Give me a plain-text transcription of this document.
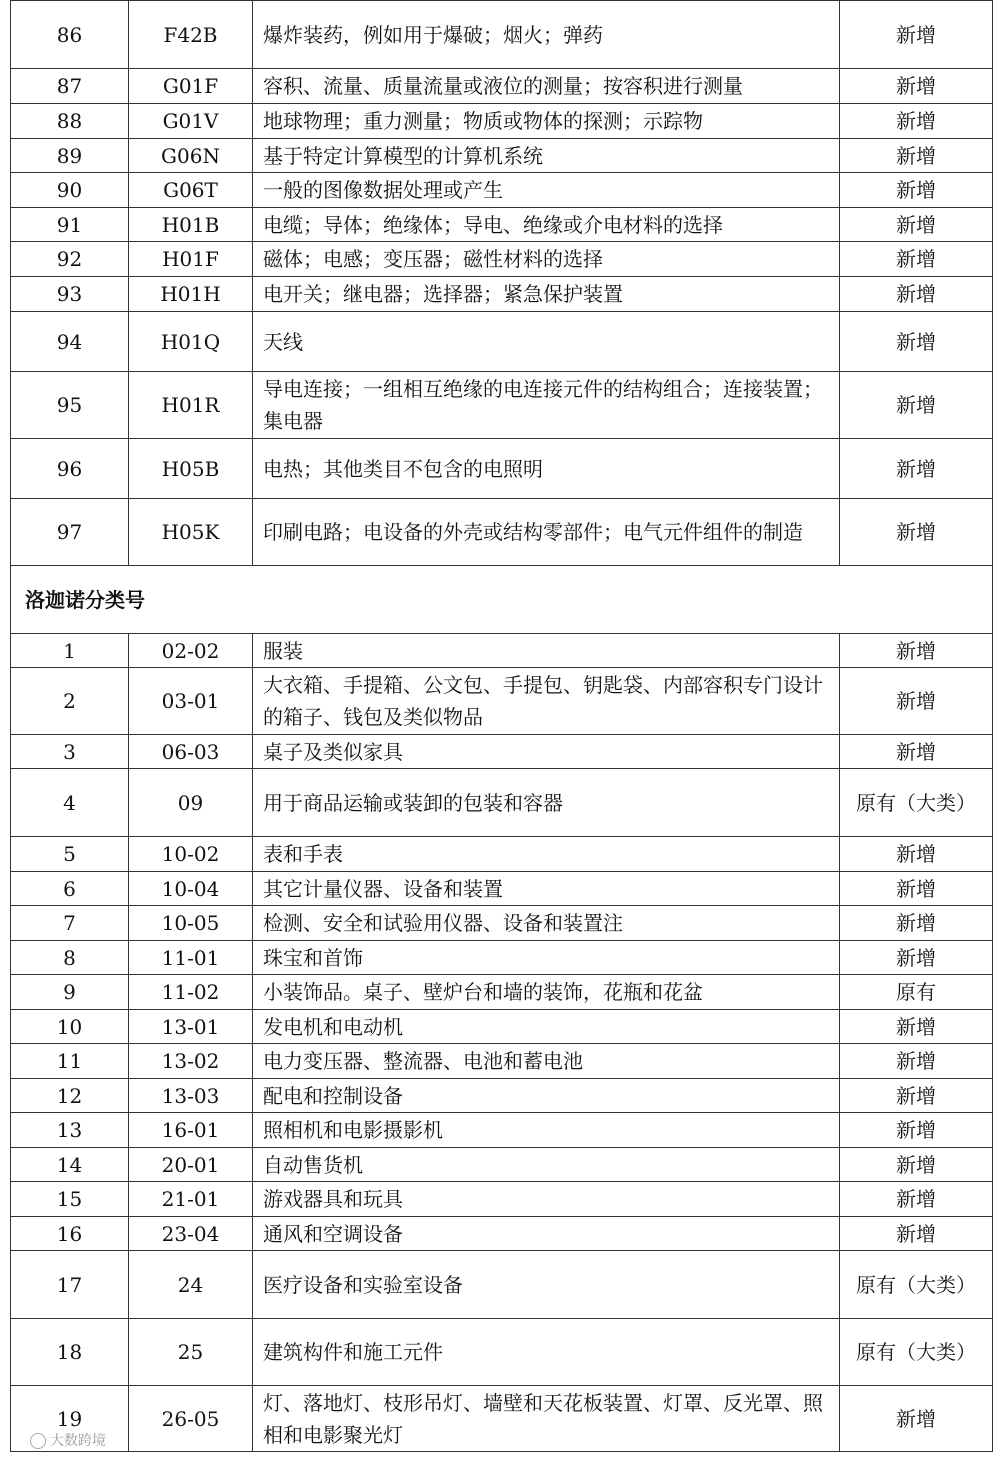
86	F42B	爆炸装药，例如用于爆破；烟火；弹药	新增
87	G01F	容积、流量、质量流量或液位的测量；按容积进行测量	新增
88	G01V	地球物理；重力测量；物质或物体的探测；示踪物	新增
89	G06N	基于特定计算模型的计算机系统	新增
90	G06T	一般的图像数据处理或产生	新增
91	H01B	电缆；导体；绝缘体；导电、绝缘或介电材料的选择	新增
92	H01F	磁体；电感；变压器；磁性材料的选择	新增
93	H01H	电开关；继电器；选择器；紧急保护装置	新增
94	H01Q	天线	新增
95	H01R	导电连接；一组相互绝缘的电连接元件的结构组合；连接装置；集电器	新增
96	H05B	电热；其他类目不包含的电照明	新增
97	H05K	印刷电路；电设备的外壳或结构零部件；电气元件组件的制造	新增
洛迦诺分类号			
1	02-02	服装	新增
2	03-01	大衣箱、手提箱、公文包、手提包、钥匙袋、内部容积专门设计的箱子、钱包及类似物品	新增
3	06-03	桌子及类似家具	新增
4	09	用于商品运输或装卸的包装和容器	原有（大类）
5	10-02	表和手表	新增
6	10-04	其它计量仪器、设备和装置	新增
7	10-05	检测、安全和试验用仪器、设备和装置注	新增
8	11-01	珠宝和首饰	新增
9	11-02	小装饰品。桌子、壁炉台和墙的装饰，花瓶和花盆	原有
10	13-01	发电机和电动机	新增
11	13-02	电力变压器、整流器、电池和蓄电池	新增
12	13-03	配电和控制设备	新增
13	16-01	照相机和电影摄影机	新增
14	20-01	自动售货机	新增
15	21-01	游戏器具和玩具	新增
16	23-04	通风和空调设备	新增
17	24	医疗设备和实验室设备	原有（大类）
18	25	建筑构件和施工元件	原有（大类）
19	26-05	灯、落地灯、枝形吊灯、墙壁和天花板装置、灯罩、反光罩、照相和电影聚光灯	新增
大数跨境
